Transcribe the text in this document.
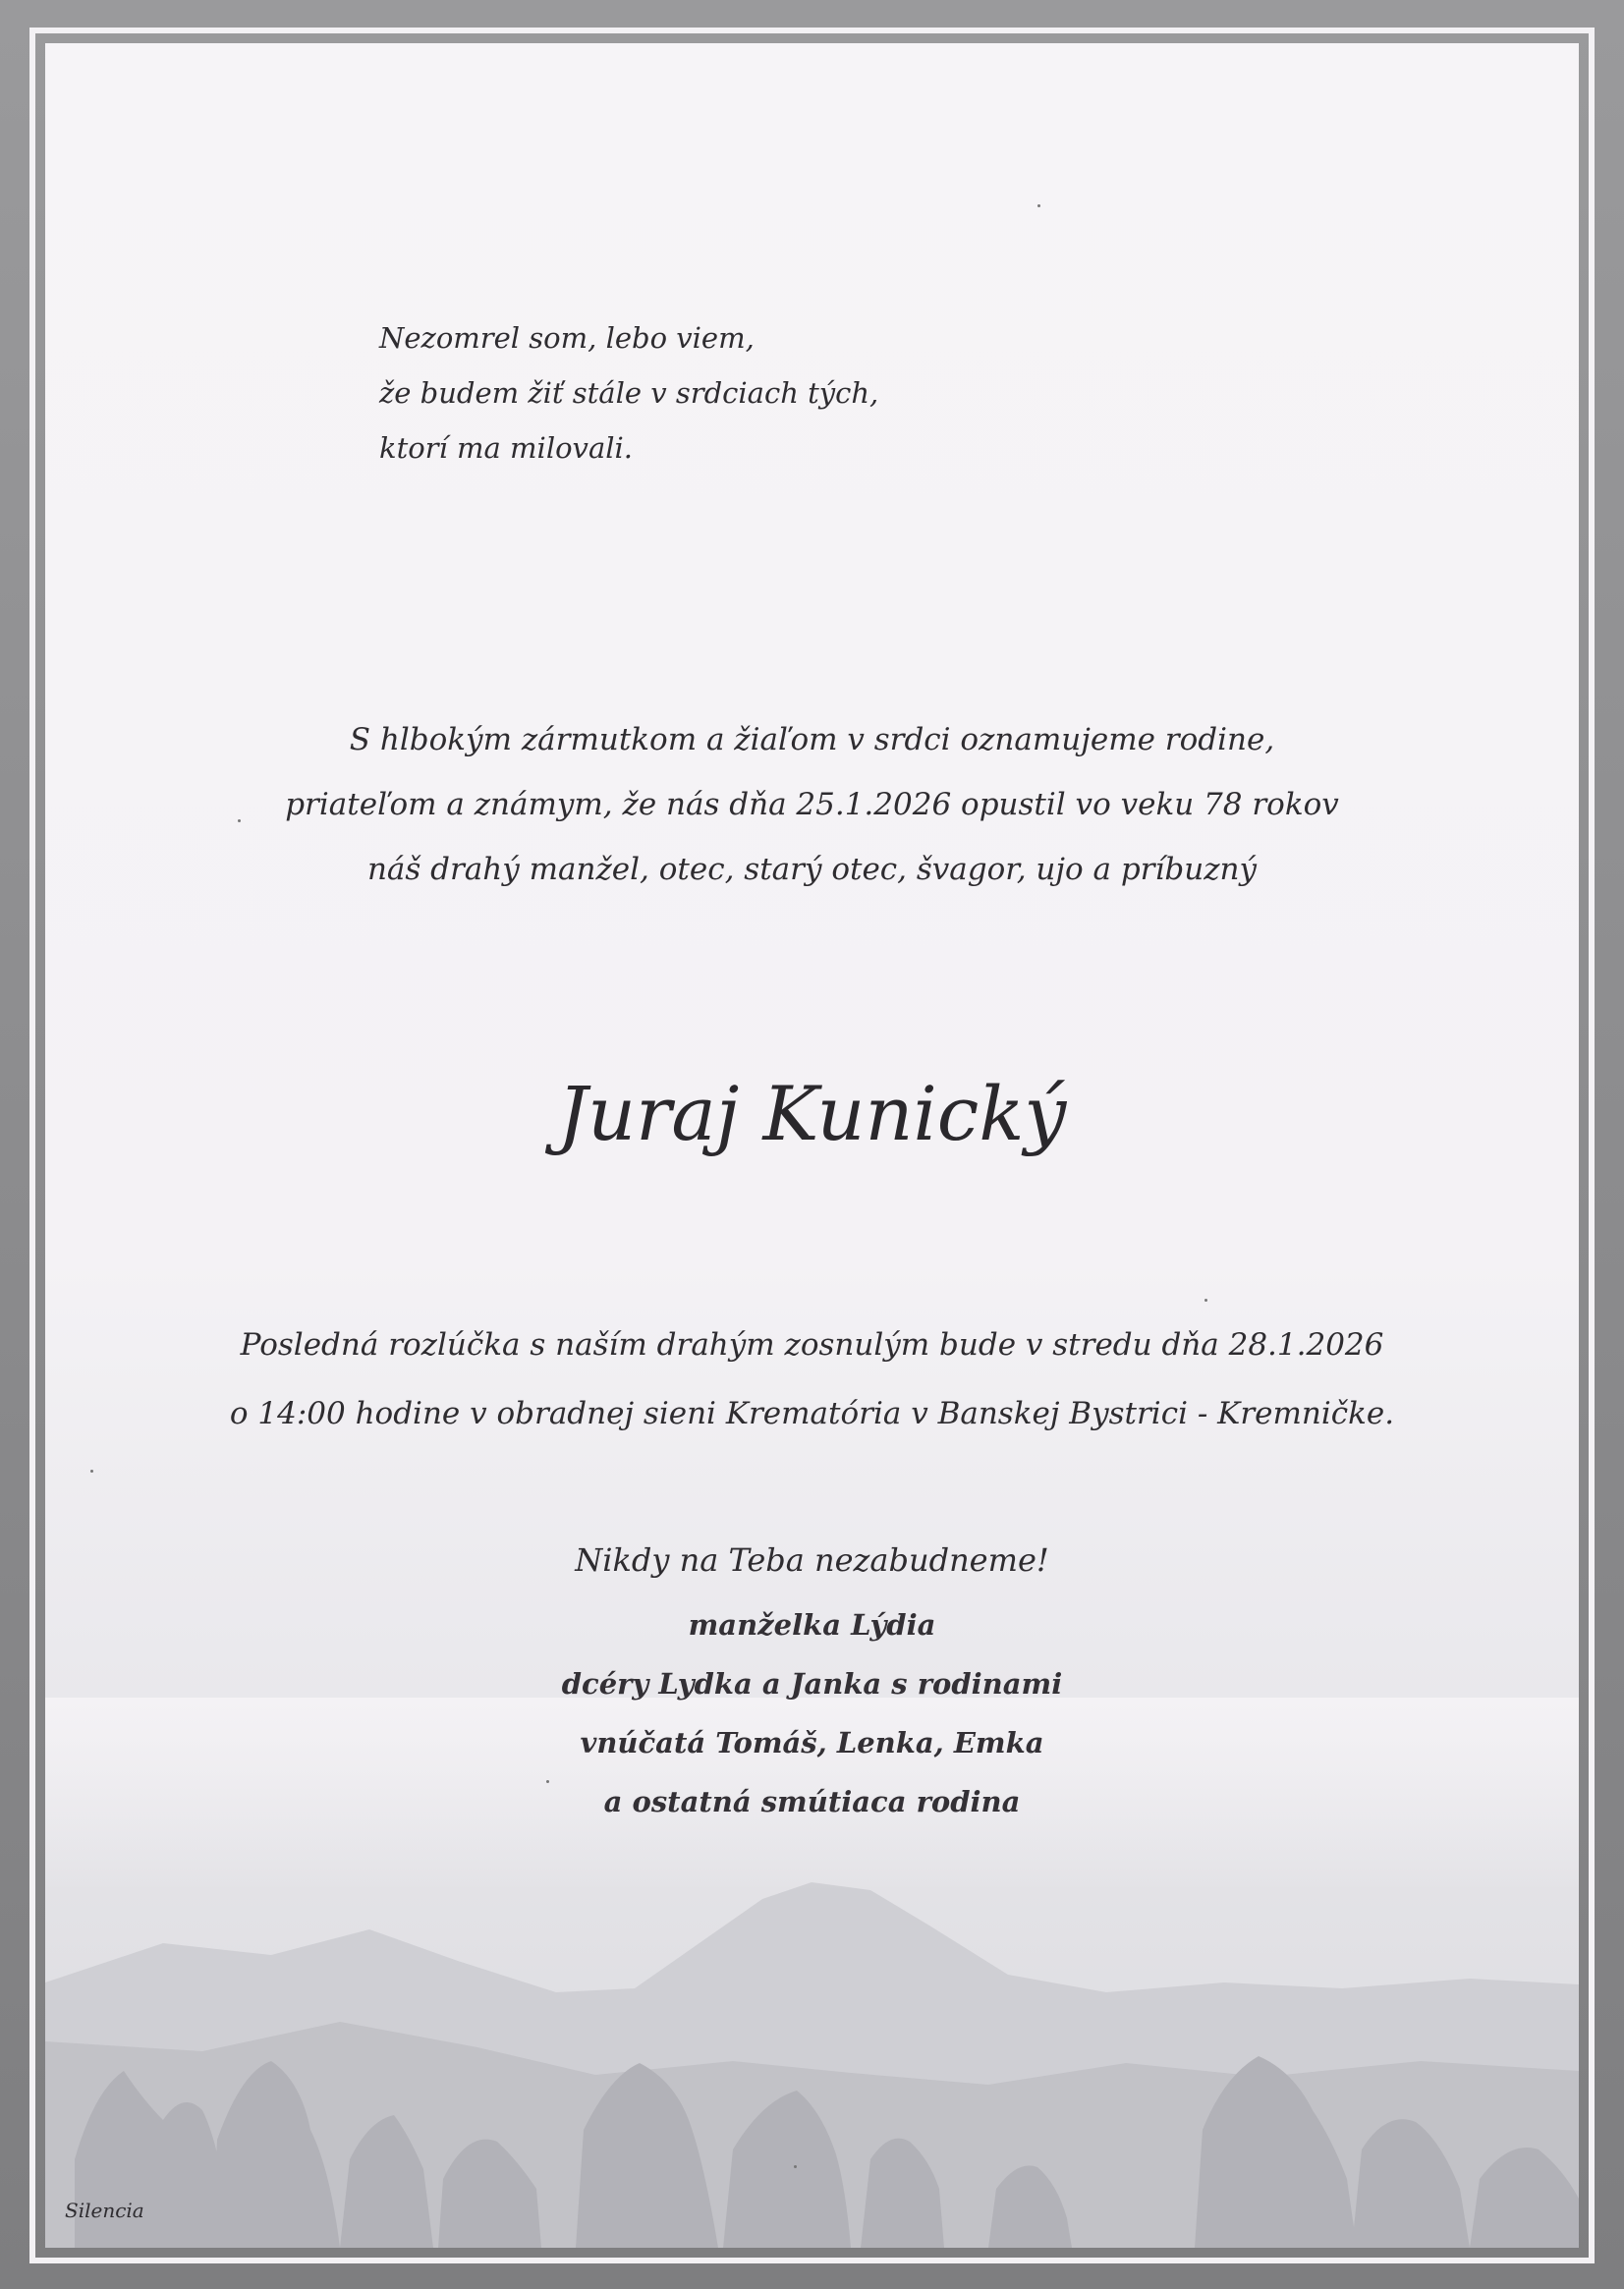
Nezomrel som, lebo viem,
že budem žiť stále v srdciach tých,
ktorí ma milovali.
S hlbokým zármutkom a žiaľom v srdci oznamujeme rodine,
priateľom a známym, že nás dňa 25.1.2026 opustil vo veku 78 rokov
náš drahý manžel, otec, starý otec, švagor, ujo a príbuzný
Juraj Kunický
Posledná rozlúčka s naším drahým zosnulým bude v stredu dňa 28.1.2026
o 14:00 hodine v obradnej sieni Krematória v Banskej Bystrici - Kremničke.
Nikdy na Teba nezabudneme!
manželka Lýdia
dcéry Lydka a Janka s rodinami
vnúčatá Tomáš, Lenka, Emka
a ostatná smútiaca rodina
Silencia
